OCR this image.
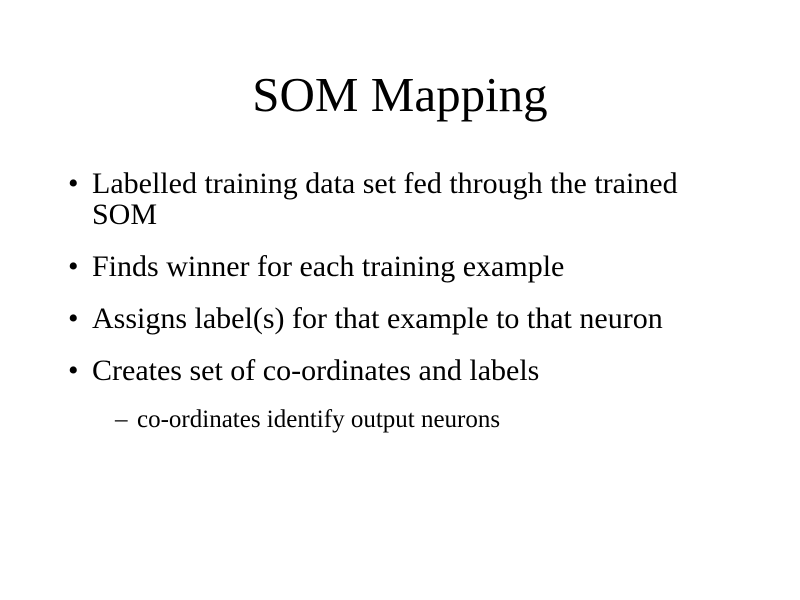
SOM Mapping
• Labelled training data set fed through the trained SOM
• Finds winner for each training example
• Assigns label(s) for that example to that neuron
• Creates set of co-ordinates and labels
– co-ordinates identify output neurons
